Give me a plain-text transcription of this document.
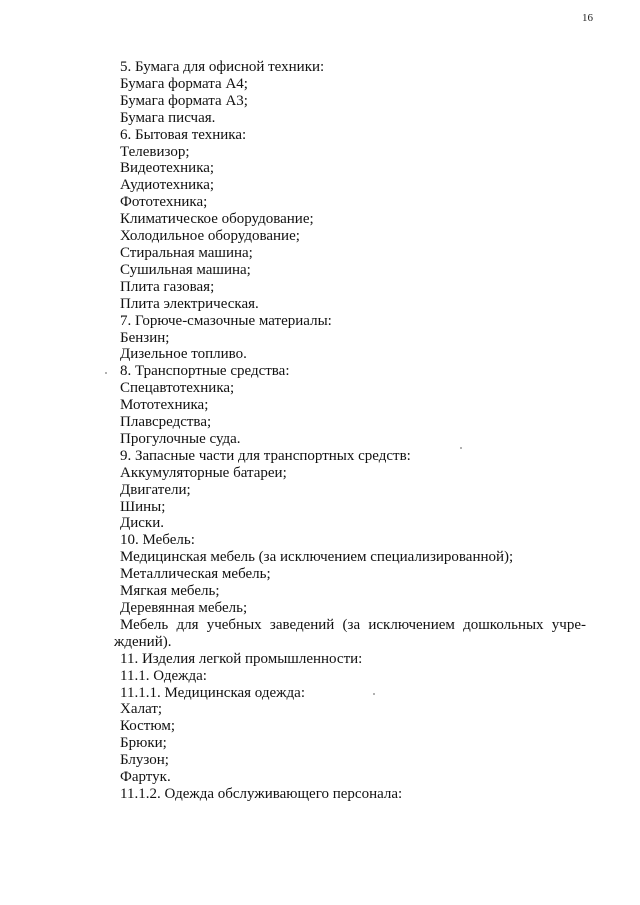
16
5. Бумага для офисной техники:
Бумага формата А4;
Бумага формата А3;
Бумага писчая.
6. Бытовая техника:
Телевизор;
Видеотехника;
Аудиотехника;
Фототехника;
Климатическое оборудование;
Холодильное оборудование;
Стиральная машина;
Сушильная машина;
Плита газовая;
Плита электрическая.
7. Горюче-смазочные материалы:
Бензин;
Дизельное топливо.
8. Транспортные средства:
Спецавтотехника;
Мототехника;
Плавсредства;
Прогулочные суда.
9. Запасные части для транспортных средств:
Аккумуляторные батареи;
Двигатели;
Шины;
Диски.
10. Мебель:
Медицинская мебель (за исключением специализированной);
Металлическая мебель;
Мягкая мебель;
Деревянная мебель;
Мебель для учебных заведений (за исключением дошкольных учре-
ждений).
11. Изделия легкой промышленности:
11.1. Одежда:
11.1.1. Медицинская одежда:
Халат;
Костюм;
Брюки;
Блузон;
Фартук.
11.1.2. Одежда обслуживающего персонала:
